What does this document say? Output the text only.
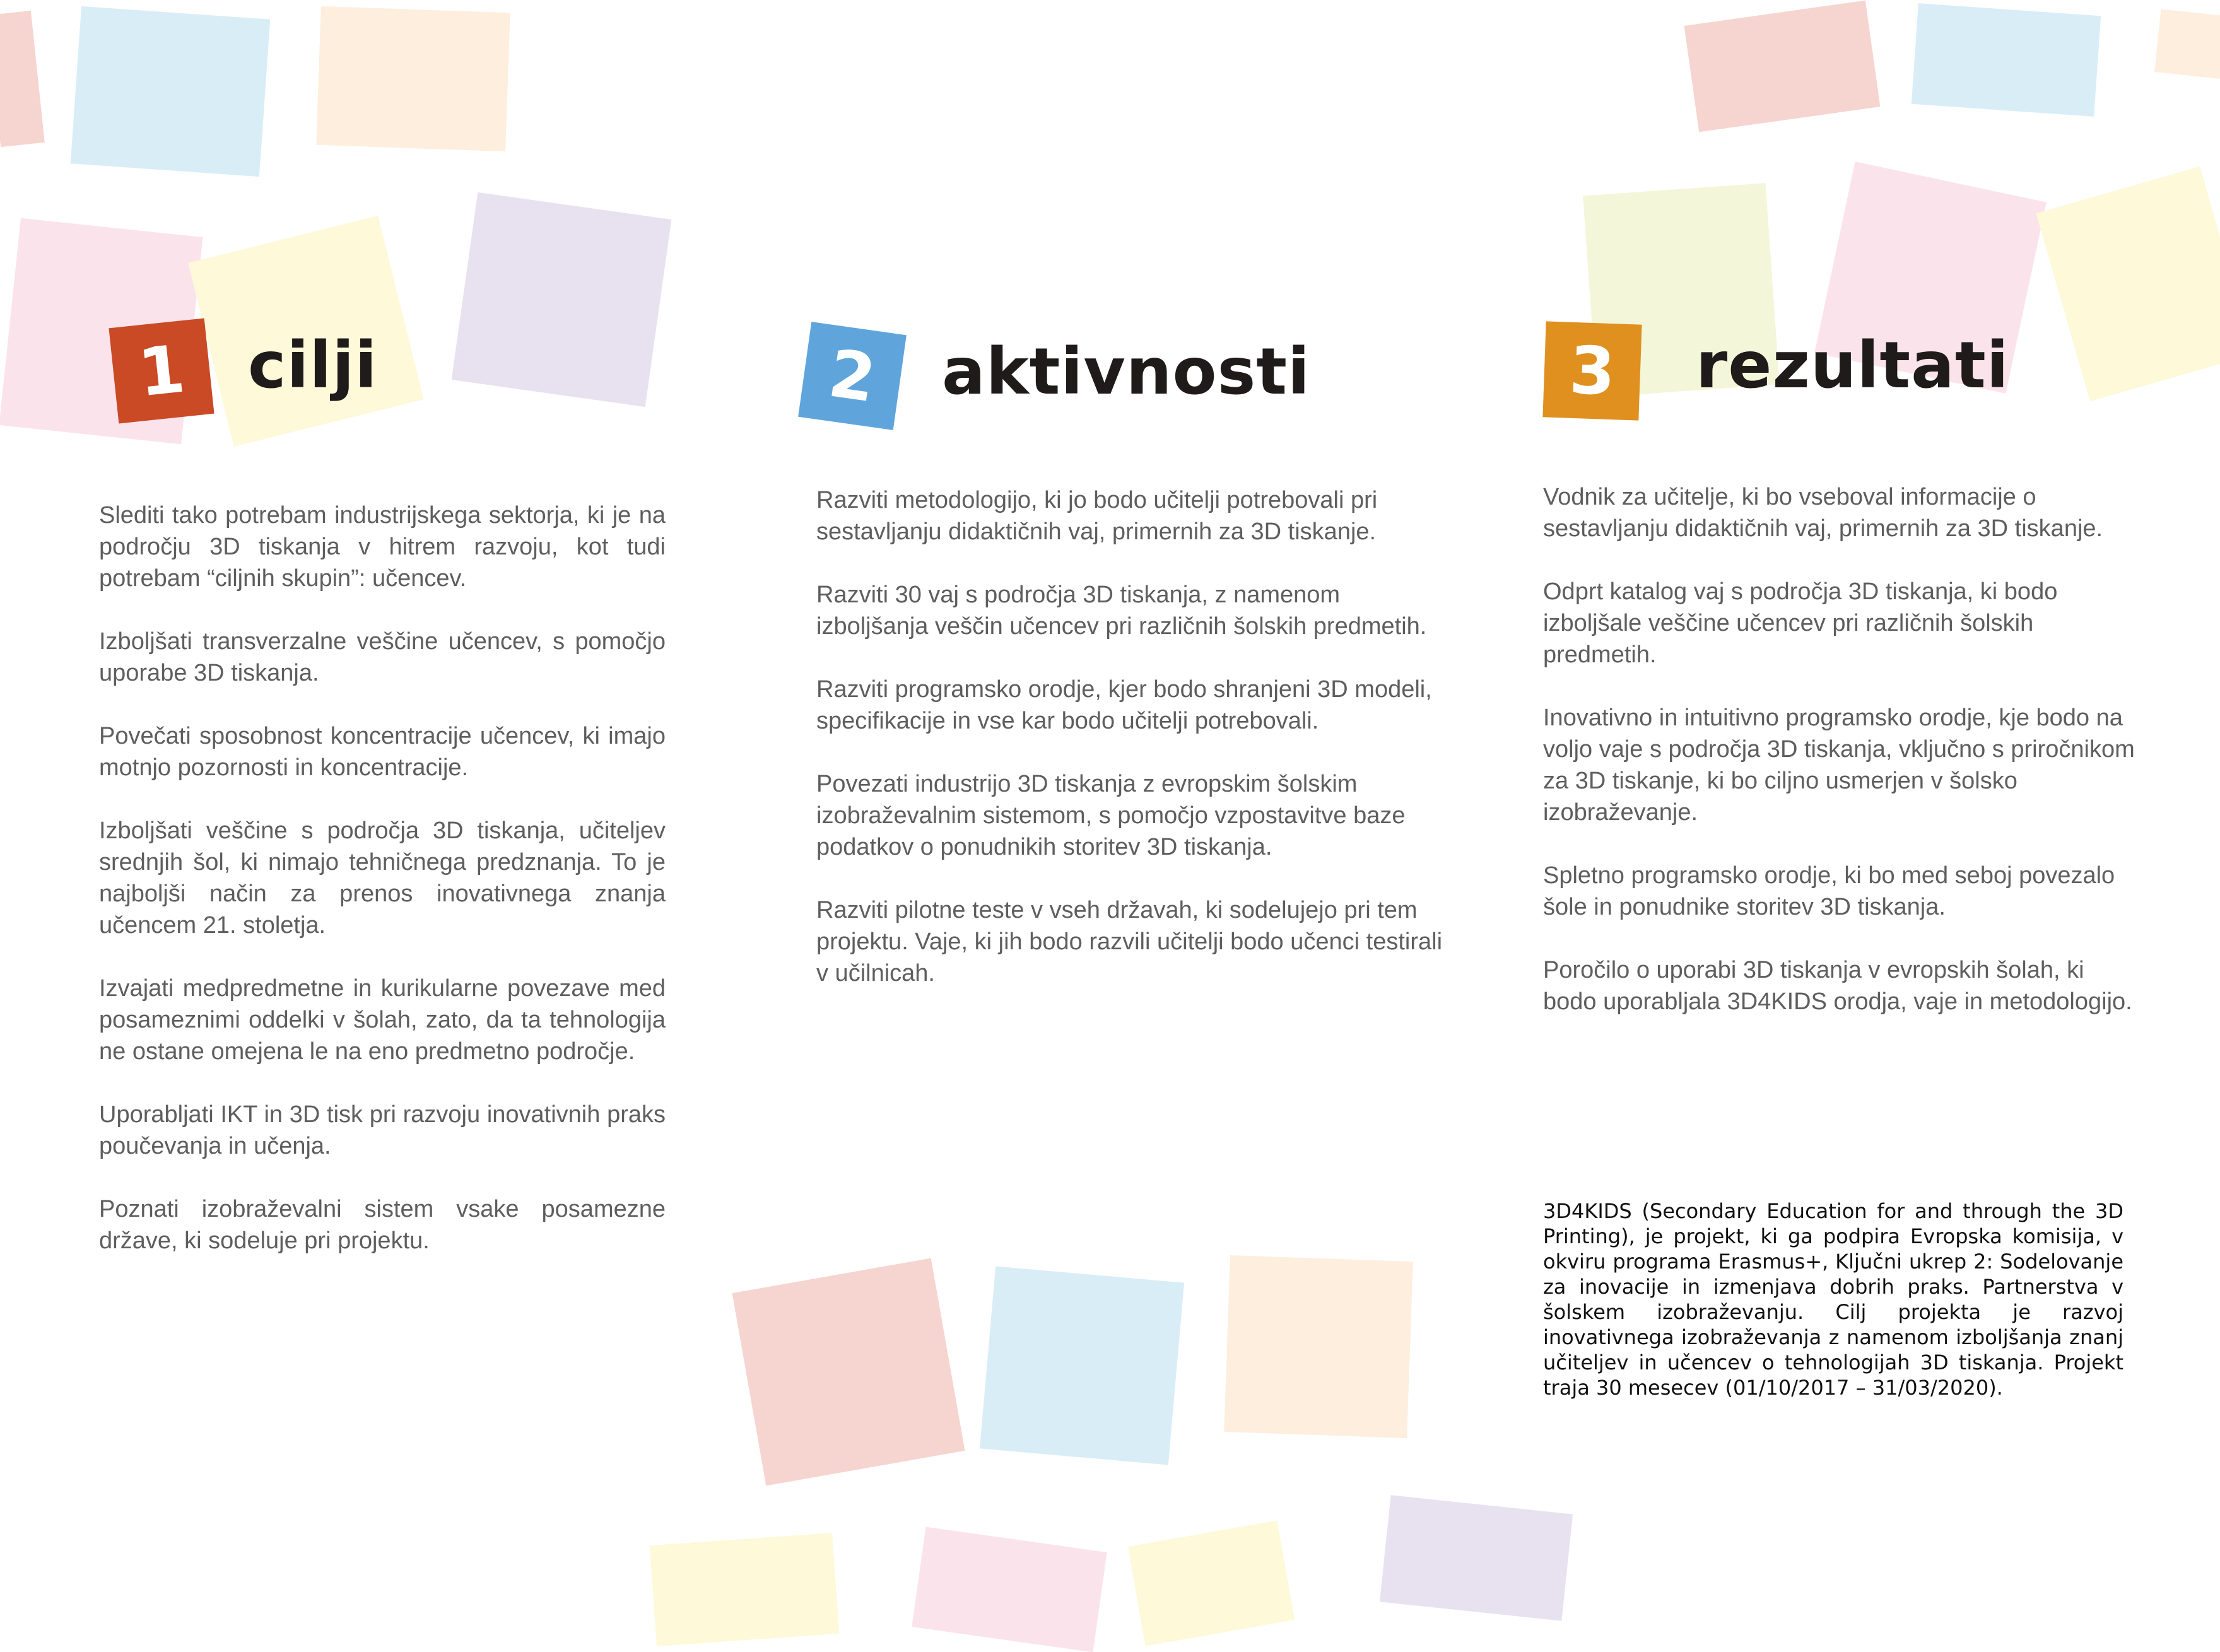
1 cilji

Slediti tako potrebam industrijskega sektorja, ki je na področju 3D tiskanja v hitrem razvoju, kot tudi potrebam “ciljnih skupin”: učencev.

Izboljšati transverzalne veščine učencev, s pomočjo uporabe 3D tiskanja.

Povečati sposobnost koncentracije učencev, ki imajo motnjo pozornosti in koncentracije.

Izboljšati veščine s področja 3D tiskanja, učiteljev srednjih šol, ki nimajo tehničnega predznanja. To je najboljši način za prenos inovativnega znanja učencem 21. stoletja.

Izvajati medpredmetne in kurikularne povezave med posameznimi oddelki v šolah, zato, da ta tehnologija ne ostane omejena le na eno predmetno področje.

Uporabljati IKT in 3D tisk pri razvoju inovativnih praks poučevanja in učenja.

Poznati izobraževalni sistem vsake posamezne države, ki sodeluje pri projektu.

2 aktivnosti

Razviti metodologijo, ki jo bodo učitelji potrebovali pri sestavljanju didaktičnih vaj, primernih za 3D tiskanje.

Razviti 30 vaj s področja 3D tiskanja, z namenom izboljšanja veščin učencev pri različnih šolskih predmetih.

Razviti programsko orodje, kjer bodo shranjeni 3D modeli, specifikacije in vse kar bodo učitelji potrebovali.

Povezati industrijo 3D tiskanja z evropskim šolskim izobraževalnim sistemom, s pomočjo vzpostavitve baze podatkov o ponudnikih storitev 3D tiskanja.

Razviti pilotne teste v vseh državah, ki sodelujejo pri tem projektu. Vaje, ki jih bodo razvili učitelji bodo učenci testirali v učilnicah.

3	rezultati

Vodnik za učitelje, ki bo vseboval informacije o sestavljanju didaktičnih vaj, primernih za 3D tiskanje.

Odprt katalog vaj s področja 3D tiskanja, ki bodo izboljšale veščine učencev pri različnih šolskih predmetih.

Inovativno in intuitivno programsko orodje, kje bodo na voljo vaje s področja 3D tiskanja, vključno s priročnikom za 3D tiskanje, ki bo ciljno usmerjen v šolsko izobraževanje.

Spletno programsko orodje, ki bo med seboj povezalo šole in ponudnike storitev 3D tiskanja.

Poročilo o uporabi 3D tiskanja v evropskih šolah, ki bodo uporabljala 3D4KIDS orodja, vaje in metodologijo.

3D4KIDS (Secondary Education for and through the 3D Printing), je projekt, ki ga podpira Evropska komisija, v okviru programa Erasmus+, Ključni ukrep 2: Sodelovanje za inovacije in izmenjava dobrih praks. Partnerstva v šolskem izobraževanju. Cilj projekta je razvoj inovativnega izobraževanja z namenom izboljšanja znanj učiteljev in učencev o tehnologijah 3D tiskanja. Projekt traja 30 mesecev (01/10/2017 – 31/03/2020).
